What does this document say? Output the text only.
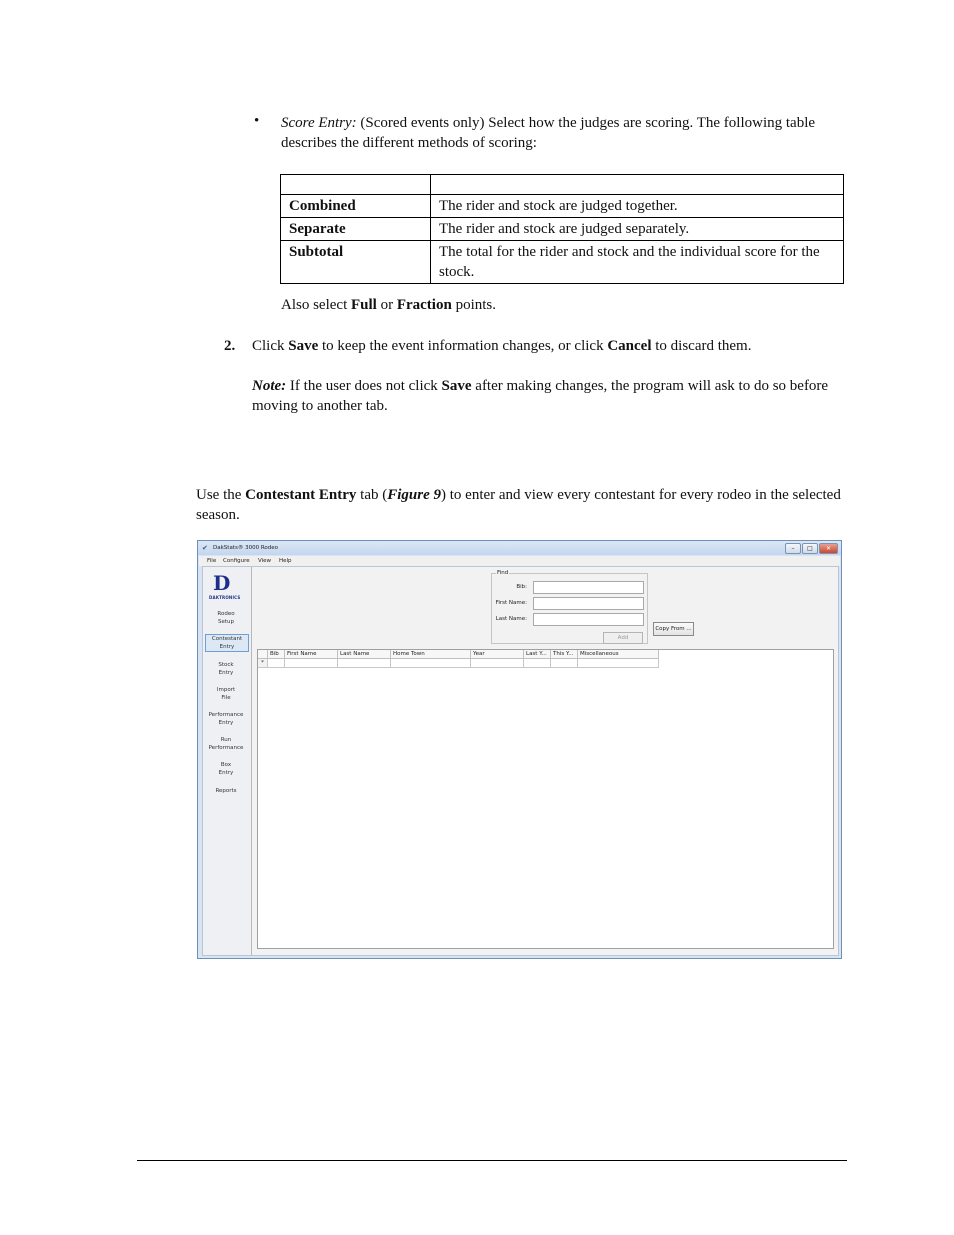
• Score Entry: (Scored events only) Select how the judges are scoring. The following table describes the different methods of scoring:

Combined	The rider and stock are judged together.
Separate	The rider and stock are judged separately.
Subtotal	The total for the rider and stock and the individual score for the stock.
Also select Full or Fraction points.
2. Click Save to keep the event information changes, or click Cancel to discard them.
Note: If the user does not click Save after making changes, the program will ask to do so before moving to another tab.
Use the Contestant Entry tab (Figure 9) to enter and view every contestant for every rodeo in the selected season.
✔ DakStats® 3000 Rodeo	–	□	✕
File Configure View Help
D
DAKTRONICS
Rodeo
Setup
Contestant
Entry
Stock
Entry
Import
File
Performance
Entry
Run
Performance
Box
Entry
Reports
Find
Bib:
First Name:
Last Name:
Add
Copy From ...
Bib	First Name	Last Name	Home Town	Year	Last Y...	This Y...	Miscellaneous
*
